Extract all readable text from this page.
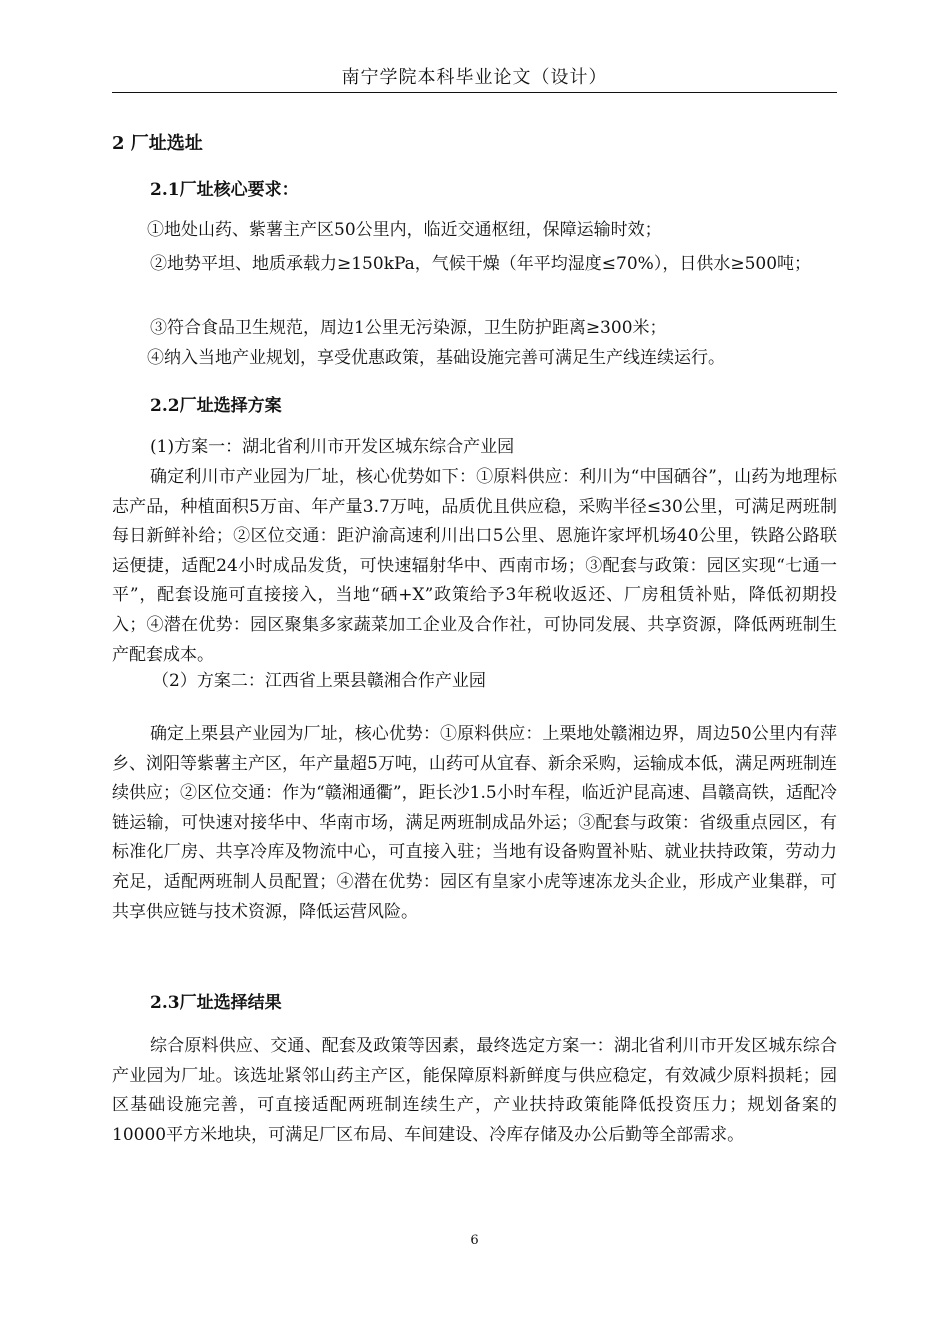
南宁学院本科毕业论文（设计）
2 厂址选址
2.1厂址核心要求：

①地处山药、紫薯主产区50公里内，临近交通枢纽，保障运输时效；

②地势平坦、地质承载力≥150kPa，气候干燥（年平均湿度≤70%），日供水≥500吨；

③符合食品卫生规范，周边1公里无污染源，卫生防护距离≥300米；

④纳入当地产业规划，享受优惠政策，基础设施完善可满足生产线连续运行。

2.2厂址选择方案

(1)方案一：湖北省利川市开发区城东综合产业园

确定利川市产业园为厂址，核心优势如下：①原料供应：利川为“中国硒谷”，山药为地理标志产品，种植面积5万亩、年产量3.7万吨，品质优且供应稳，采购半径≤30公里，可满足两班制每日新鲜补给；②区位交通：距沪渝高速利川出口5公里、恩施许家坪机场40公里，铁路公路联运便捷，适配24小时成品发货，可快速辐射华中、西南市场；③配套与政策：园区实现“七通一平”，配套设施可直接接入，当地“硒+X”政策给予3年税收返还、厂房租赁补贴，降低初期投入；④潜在优势：园区聚集多家蔬菜加工企业及合作社，可协同发展、共享资源，降低两班制生产配套成本。

（2）方案二：江西省上栗县赣湘合作产业园

确定上栗县产业园为厂址，核心优势：①原料供应：上栗地处赣湘边界，周边50公里内有萍乡、浏阳等紫薯主产区，年产量超5万吨，山药可从宜春、新余采购，运输成本低，满足两班制连续供应；②区位交通：作为“赣湘通衢”，距长沙1.5小时车程，临近沪昆高速、昌赣高铁，适配冷链运输，可快速对接华中、华南市场，满足两班制成品外运；③配套与政策：省级重点园区，有标准化厂房、共享冷库及物流中心，可直接入驻；当地有设备购置补贴、就业扶持政策，劳动力充足，适配两班制人员配置；④潜在优势：园区有皇家小虎等速冻龙头企业，形成产业集群，可共享供应链与技术资源，降低运营风险。

2.3厂址选择结果

综合原料供应、交通、配套及政策等因素，最终选定方案一：湖北省利川市开发区城东综合产业园为厂址。该选址紧邻山药主产区，能保障原料新鲜度与供应稳定，有效减少原料损耗；园区基础设施完善，可直接适配两班制连续生产，产业扶持政策能降低投资压力；规划备案的10000平方米地块，可满足厂区布局、车间建设、冷库存储及办公后勤等全部需求。

6
